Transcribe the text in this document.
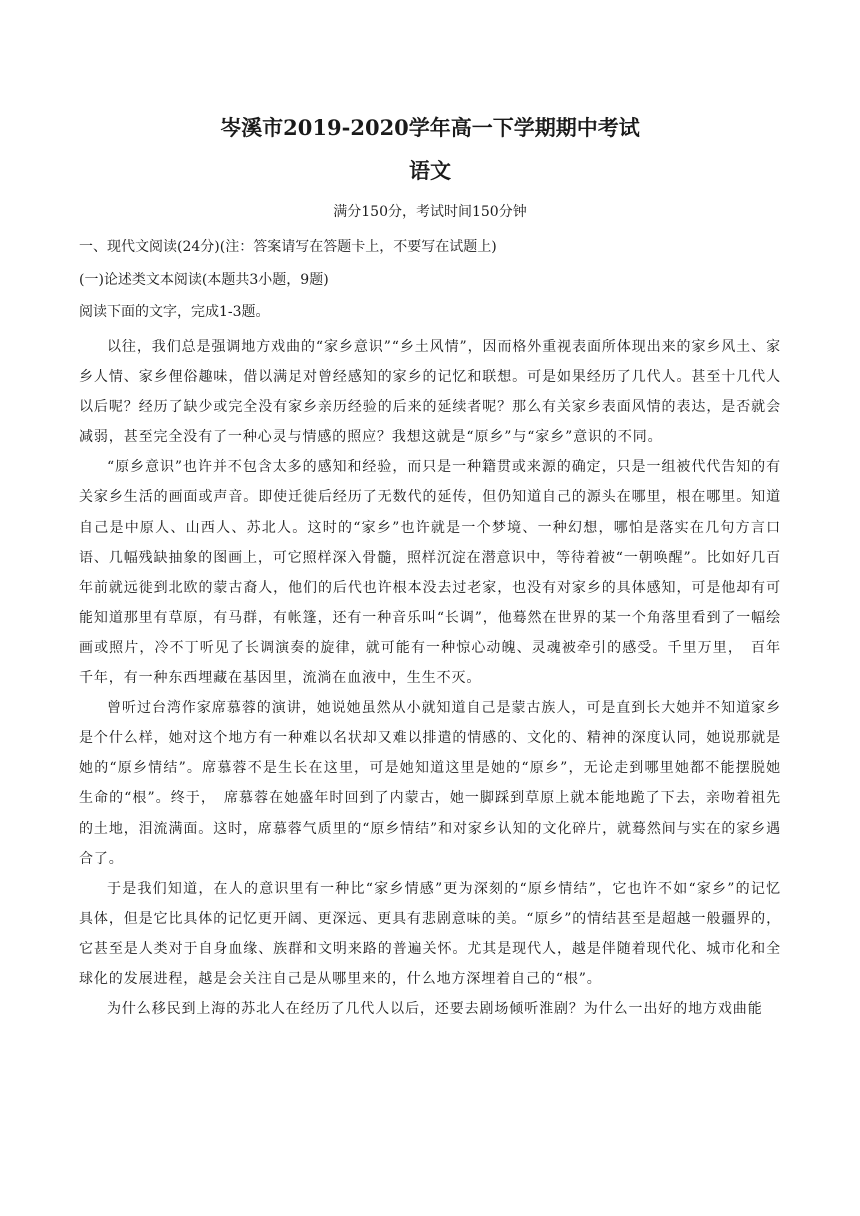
岑溪市2019-2020学年高一下学期期中考试
语文

满分150分，考试时间150分钟

一、现代文阅读(24分)(注：答案请写在答题卡上，不要写在试题上)

(一)论述类文本阅读(本题共3小题，9题)

阅读下面的文字，完成1-3题。

以往，我们总是强调地方戏曲的“家乡意识”“乡土风情”，因而格外重视表面所体现出来的家乡风土、家乡人情、家乡俚俗趣味，借以满足对曾经感知的家乡的记忆和联想。可是如果经历了几代人。甚至十几代人以后呢？经历了缺少或完全没有家乡亲历经验的后来的延续者呢？那么有关家乡表面风情的表达，是否就会减弱，甚至完全没有了一种心灵与情感的照应？我想这就是“原乡”与“家乡”意识的不同。

“原乡意识”也许并不包含太多的感知和经验，而只是一种籍贯或来源的确定，只是一组被代代告知的有关家乡生活的画面或声音。即使迁徙后经历了无数代的延传，但仍知道自己的源头在哪里，根在哪里。知道自己是中原人、山西人、苏北人。这时的“家乡”也许就是一个梦境、一种幻想，哪怕是落实在几句方言口语、几幅残缺抽象的图画上，可它照样深入骨髓，照样沉淀在潜意识中，等待着被“一朝唤醒”。比如好几百年前就远徙到北欧的蒙古裔人，他们的后代也许根本没去过老家，也没有对家乡的具体感知，可是他却有可能知道那里有草原，有马群，有帐篷，还有一种音乐叫“长调”，他蓦然在世界的某一个角落里看到了一幅绘画或照片，冷不丁听见了长调演奏的旋律，就可能有一种惊心动魄、灵魂被牵引的感受。千里万里，　百年千年，有一种东西埋藏在基因里，流淌在血液中，生生不灭。

曾听过台湾作家席慕蓉的演讲，她说她虽然从小就知道自己是蒙古族人，可是直到长大她并不知道家乡是个什么样，她对这个地方有一种难以名状却又难以排遣的情感的、文化的、精神的深度认同，她说那就是她的“原乡情结”。席慕蓉不是生长在这里，可是她知道这里是她的“原乡”，无论走到哪里她都不能摆脱她生命的“根”。终于，　席慕蓉在她盛年时回到了内蒙古，她一脚踩到草原上就本能地跪了下去，亲吻着祖先的土地，泪流满面。这时，席慕蓉气质里的“原乡情结”和对家乡认知的文化碎片，就蓦然间与实在的家乡遇合了。

于是我们知道，在人的意识里有一种比“家乡情感”更为深刻的“原乡情结”，它也许不如“家乡”的记忆具体，但是它比具体的记忆更开阔、更深远、更具有悲剧意味的美。“原乡”的情结甚至是超越一般疆界的，它甚至是人类对于自身血缘、族群和文明来路的普遍关怀。尤其是现代人，越是伴随着现代化、城市化和全球化的发展进程，越是会关注自己是从哪里来的，什么地方深埋着自己的“根”。

为什么移民到上海的苏北人在经历了几代人以后，还要去剧场倾听淮剧？为什么一出好的地方戏曲能
